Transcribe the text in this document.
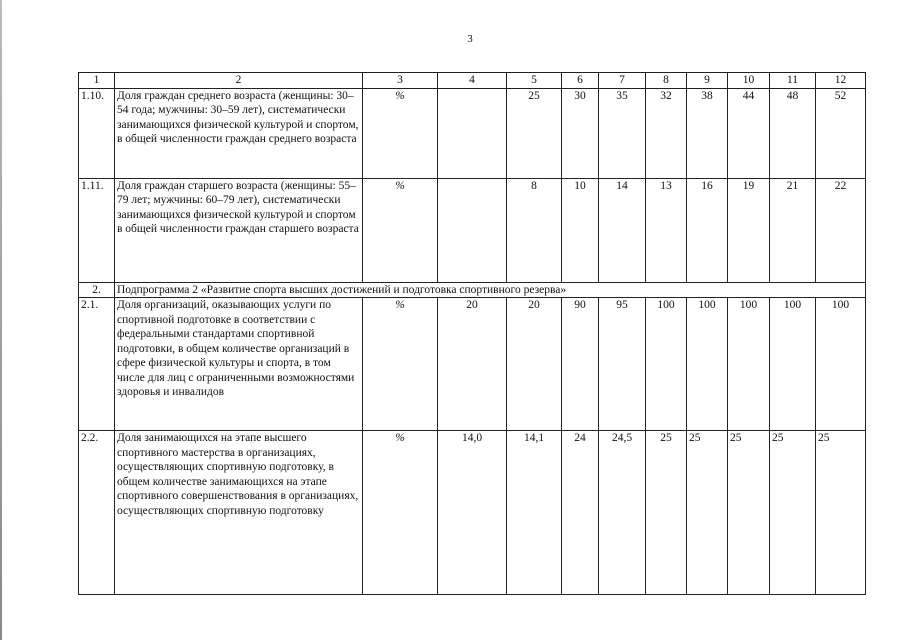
3
1	2	3	4	5	6	7	8	9	10	11	12
1.10.	Доля граждан среднего возраста (женщины: 30–54 года; мужчины: 30–59 лет), систематически занимающихся физической культурой и спортом, в общей численности граждан среднего возраста	%		25	30	35	32	38	44	48	52
1.11.	Доля граждан старшего возраста (женщины: 55–79 лет; мужчины: 60–79 лет), систематически занимающихся физической культурой и спортом в общей численности граждан старшего возраста	%		8	10	14	13	16	19	21	22
2.	Подпрограмма 2 «Развитие спорта высших достижений и подготовка спортивного резерва»										
2.1.	Доля организаций, оказывающих услуги по спортивной подготовке в соответствии с федеральными стандартами спортивной подготовки, в общем количестве организаций в сфере физической культуры и спорта, в том числе для лиц с ограниченными возможностями здоровья и инвалидов	%	20	20	90	95	100	100	100	100	100
2.2.	Доля занимающихся на этапе высшего спортивного мастерства в организациях, осуществляющих спортивную подготовку, в общем количестве занимающихся на этапе спортивного совершенствования в организациях, осуществляющих спортивную подготовку	%	14,0	14,1	24	24,5	25	25	25	25	25
